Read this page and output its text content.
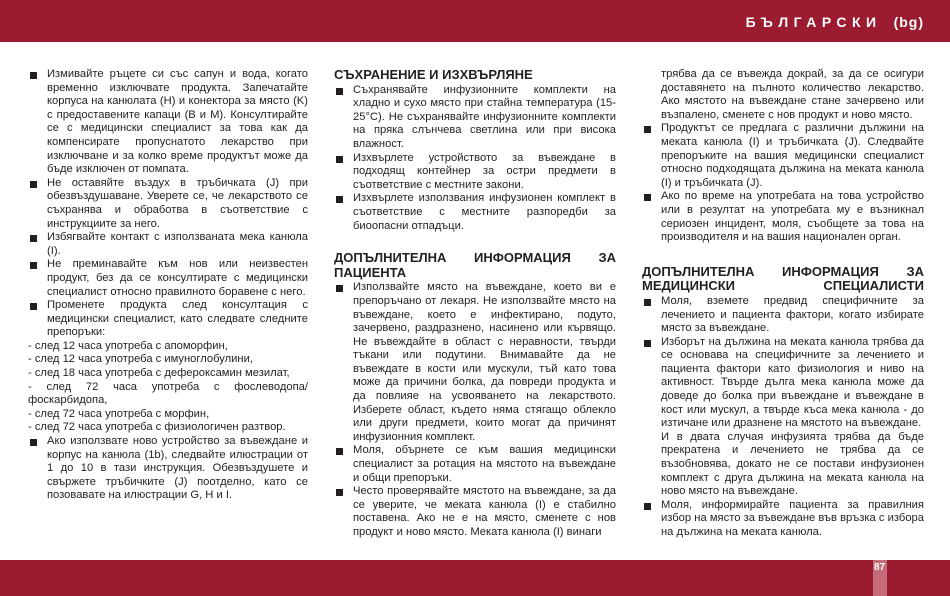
БЪЛГАРСКИ (bg)
Измивайте ръцете си със сапун и вода, когато временно изключвате продукта. Запечатайте корпуса на канюлата (H) и конектора за място (K) с предоставените капаци (B и M). Консултирайте се с медицински специалист за това как да компенсирате пропуснатото лекарство при изключване и за колко време продуктът може да бъде изключен от помпата.
Не оставяйте въздух в тръбичката (J) при обезвъздушаване. Уверете се, че лекарството се съхранява и обработва в съответствие с инструкциите за него.
Избягвайте контакт с използваната мека канюла (I).
Не преминавайте към нов или неизвестен продукт, без да се консултирате с медицински специалист относно правилното боравене с него.
Променете продукта след консултация с медицински специалист, като следвате следните препоръки:
- след 12 часа употреба с апоморфин,
- след 12 часа употреба с имуноглобулини,
- след 18 часа употреба с дефероксамин мезилат,
- след 72 часа употреба с фослеводопа/ фоскарбидопа,
- след 72 часа употреба с морфин,
- след 72 часа употреба с физиологичен разтвор.
Ако използвате ново устройство за въвеждане и корпус на канюла (1b), следвайте илюстрации от 1 до 10 в тази инструкция. Обезвъздушете и свържете тръбичките (J) поотделно, като се позовавате на илюстрации G, H и I.
СЪХРАНЕНИЕ И ИЗХВЪРЛЯНЕ
Съхранявайте инфузионните комплекти на хладно и сухо място при стайна температура (15-25°C). Не съхранявайте инфузионните комплекти на пряка слънчева светлина или при висока влажност.
Изхвърлете устройството за въвеждане в подходящ контейнер за остри предмети в съответствие с местните закони.
Изхвърлете използвания инфузионен комплект в съответствие с местните разпоредби за биоопасни отпадъци.
ДОПЪЛНИТЕЛНА ИНФОРМАЦИЯ ЗА ПАЦИЕНТА
Използвайте място на въвеждане, което ви е препоръчано от лекаря. Не използвайте място на въвеждане, което е инфектирано, подуто, зачервено, раздразнено, насинено или кървящо. Не въвеждайте в област с неравности, твърди тъкани или подутини. Внимавайте да не въвеждате в кости или мускули, тъй като това може да причини болка, да повреди продукта и да повлияе на усвояването на лекарството. Изберете област, където няма стягащо облекло или други предмети, които могат да причинят инфузионния комплект.
Моля, обърнете се към вашия медицински специалист за ротация на мястото на въвеждане и общи препоръки.
Често проверявайте мястото на въвеждане, за да се уверите, че меката канюла (I) е стабилно поставена. Ако не е на място, сменете с нов продукт и ново място. Меката канюла (I) винаги
трябва да се въвежда докрай, за да се осигури доставянето на пълното количество лекарство. Ако мястото на въвеждане стане зачервено или възпалено, сменете с нов продукт и ново място.
Продуктът се предлага с различни дължини на меката канюла (I) и тръбичката (J). Следвайте препоръките на вашия медицински специалист относно подходящата дължина на меката канюла (I) и тръбичката (J).
Ако по време на употребата на това устройство или в резултат на употребата му е възникнал сериозен инцидент, моля, съобщете за това на производителя и на вашия национален орган.
ДОПЪЛНИТЕЛНА ИНФОРМАЦИЯ ЗА МЕДИЦИНСКИ СПЕЦИАЛИСТИ
Моля, вземете предвид специфичните за лечението и пациента фактори, когато избирате място за въвеждане.
Изборът на дължина на меката канюла трябва да се основава на специфичните за лечението и пациента фактори като физиология и ниво на активност. Твърде дълга мека канюла може да доведе до болка при въвеждане и въвеждане в кост или мускул, а твърде къса мека канюла - до изтичане или дразнене на мястото на въвеждане.
И в двата случая инфузията трябва да бъде прекратена и лечението не трябва да се възобновява, докато не се постави инфузионен комплект с друга дължина на меката канюла на ново място на въвеждане.
Моля, информирайте пациента за правилния избор на място за въвеждане във връзка с избора на дължина на меката канюла.
87
